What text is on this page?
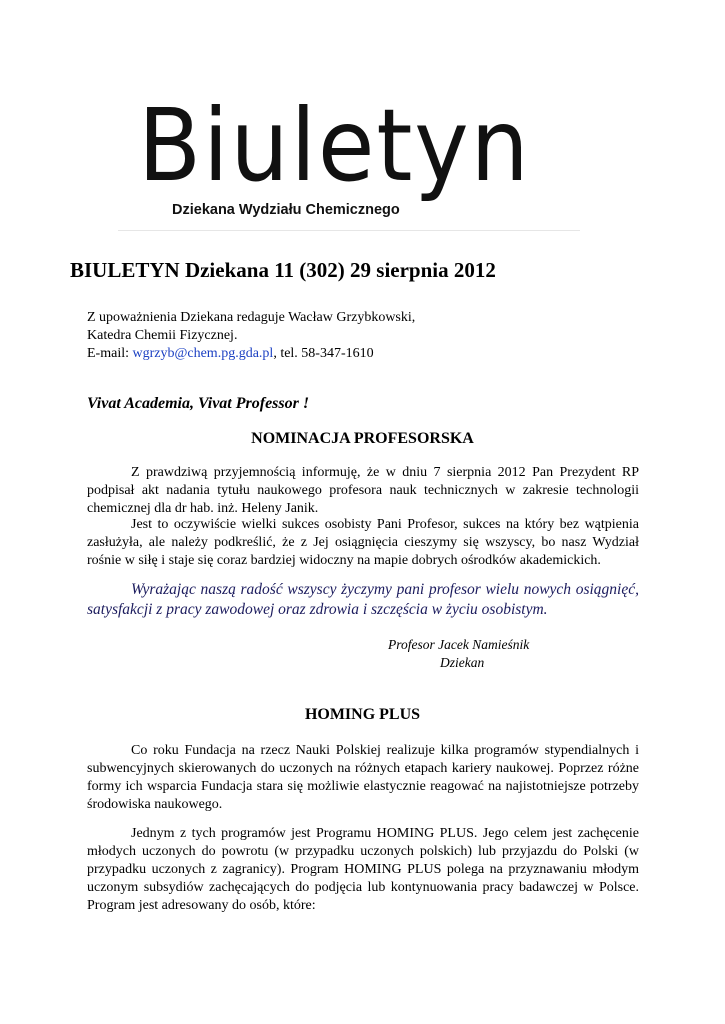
Biuletyn
Dziekana Wydziału Chemicznego
BIULETYN Dziekana 11 (302) 29 sierpnia 2012
Z upoważnienia Dziekana redaguje Wacław Grzybkowski,
Katedra Chemii Fizycznej.
E-mail: wgrzyb@chem.pg.gda.pl, tel. 58-347-1610
Vivat Academia, Vivat Professor !
NOMINACJA PROFESORSKA
Z prawdziwą przyjemnością informuję, że w dniu 7 sierpnia 2012 Pan Prezydent RP podpisał akt nadania tytułu naukowego profesora nauk technicznych w zakresie technologii chemicznej dla dr hab. inż. Heleny Janik.
Jest to oczywiście wielki sukces osobisty Pani Profesor, sukces na który bez wątpienia zasłużyła, ale należy podkreślić, że z Jej osiągnięcia cieszymy się wszyscy, bo nasz Wydział rośnie w siłę i staje się coraz bardziej widoczny na mapie dobrych ośrodków akademickich.
Wyrażając naszą radość wszyscy życzymy pani profesor wielu nowych osiągnięć, satysfakcji z pracy zawodowej oraz zdrowia i szczęścia w życiu osobistym.
Profesor Jacek Namieśnik
Dziekan
HOMING PLUS
Co roku Fundacja na rzecz Nauki Polskiej realizuje kilka programów stypendialnych i subwencyjnych skierowanych do uczonych na różnych etapach kariery naukowej. Poprzez różne formy ich wsparcia Fundacja stara się możliwie elastycznie reagować na najistotniejsze potrzeby środowiska naukowego.
Jednym z tych programów jest Programu HOMING PLUS. Jego celem jest zachęcenie młodych uczonych do powrotu (w przypadku uczonych polskich) lub przyjazdu do Polski (w przypadku uczonych z zagranicy). Program HOMING PLUS polega na przyznawaniu młodym uczonym subsydiów zachęcających do podjęcia lub kontynuowania pracy badawczej w Polsce. Program jest adresowany do osób, które:
